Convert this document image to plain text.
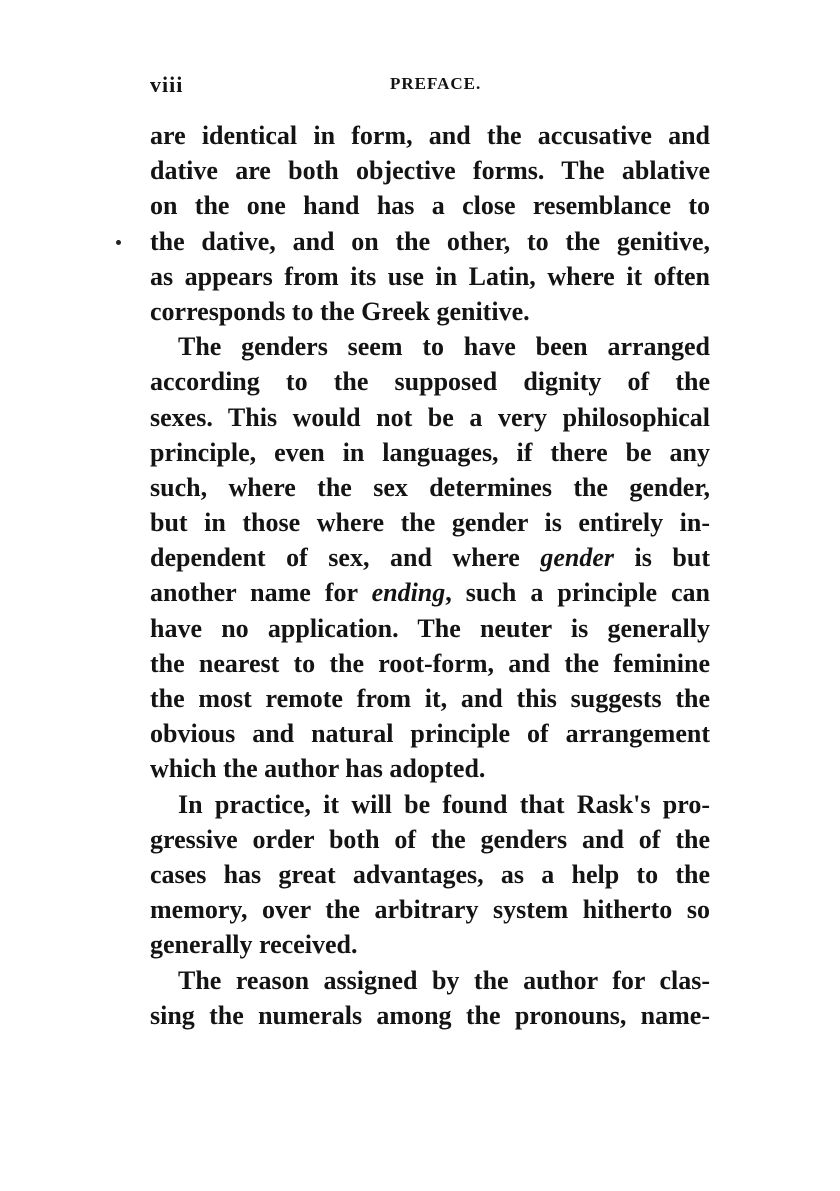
viii	PREFACE.
are identical in form, and the accusative and
dative are both objective forms. The ablative
on the one hand has a close resemblance to
the dative, and on the other, to the genitive,
as appears from its use in Latin, where it often
corresponds to the Greek genitive.
The genders seem to have been arranged
according to the supposed dignity of the
sexes. This would not be a very philosophical
principle, even in languages, if there be any
such, where the sex determines the gender,
but in those where the gender is entirely in-
dependent of sex, and where gender is but
another name for ending, such a principle can
have no application. The neuter is generally
the nearest to the root-form, and the feminine
the most remote from it, and this suggests the
obvious and natural principle of arrangement
which the author has adopted.
In practice, it will be found that Rask's pro-
gressive order both of the genders and of the
cases has great advantages, as a help to the
memory, over the arbitrary system hitherto so
generally received.
The reason assigned by the author for clas-
sing the numerals among the pronouns, name-
